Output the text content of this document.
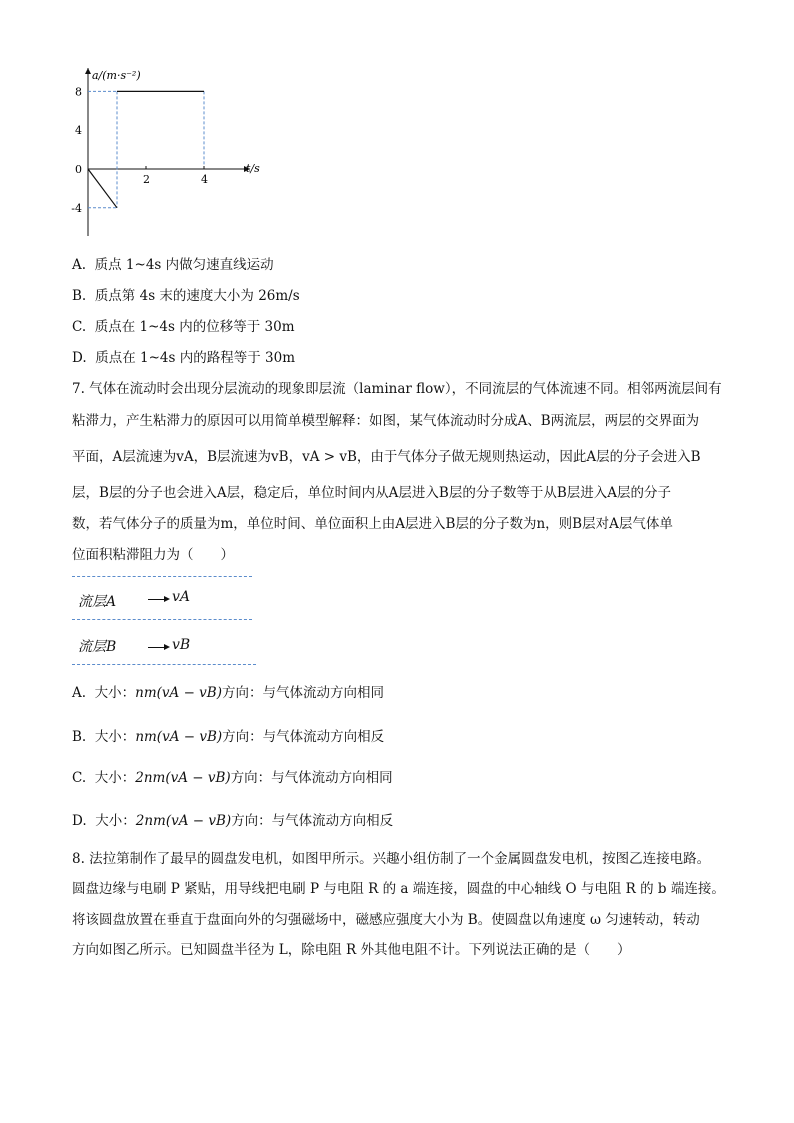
a/(m·s⁻²)
t/s
8
4
0
-4
2	4
A. 质点 1~4s 内做匀速直线运动
B. 质点第 4s 末的速度大小为 26m/s
C. 质点在 1~4s 内的位移等于 30m
D. 质点在 1~4s 内的路程等于 30m
7. 气体在流动时会出现分层流动的现象即层流（laminar flow），不同流层的气体流速不同。相邻两流层间有
粘滞力，产生粘滞力的原因可以用简单模型解释：如图，某气体流动时分成A、B两流层，两层的交界面为
平面，A层流速为vA，B层流速为vB，vA > vB，由于气体分子做无规则热运动，因此A层的分子会进入B
层，B层的分子也会进入A层，稳定后，单位时间内从A层进入B层的分子数等于从B层进入A层的分子
数，若气体分子的质量为m，单位时间、单位面积上由A层进入B层的分子数为n，则B层对A层气体单
位面积粘滞阻力为（　　）
流层A	vA
流层B	vB
A. 大小：nm(vA − vB)方向：与气体流动方向相同
B. 大小：nm(vA − vB)方向：与气体流动方向相反
C. 大小：2nm(vA − vB)方向：与气体流动方向相同
D. 大小：2nm(vA − vB)方向：与气体流动方向相反
8. 法拉第制作了最早的圆盘发电机，如图甲所示。兴趣小组仿制了一个金属圆盘发电机，按图乙连接电路。
圆盘边缘与电刷 P 紧贴，用导线把电刷 P 与电阻 R 的 a 端连接，圆盘的中心轴线 O 与电阻 R 的 b 端连接。
将该圆盘放置在垂直于盘面向外的匀强磁场中，磁感应强度大小为 B。使圆盘以角速度 ω 匀速转动，转动
方向如图乙所示。已知圆盘半径为 L，除电阻 R 外其他电阻不计。下列说法正确的是（　　）
